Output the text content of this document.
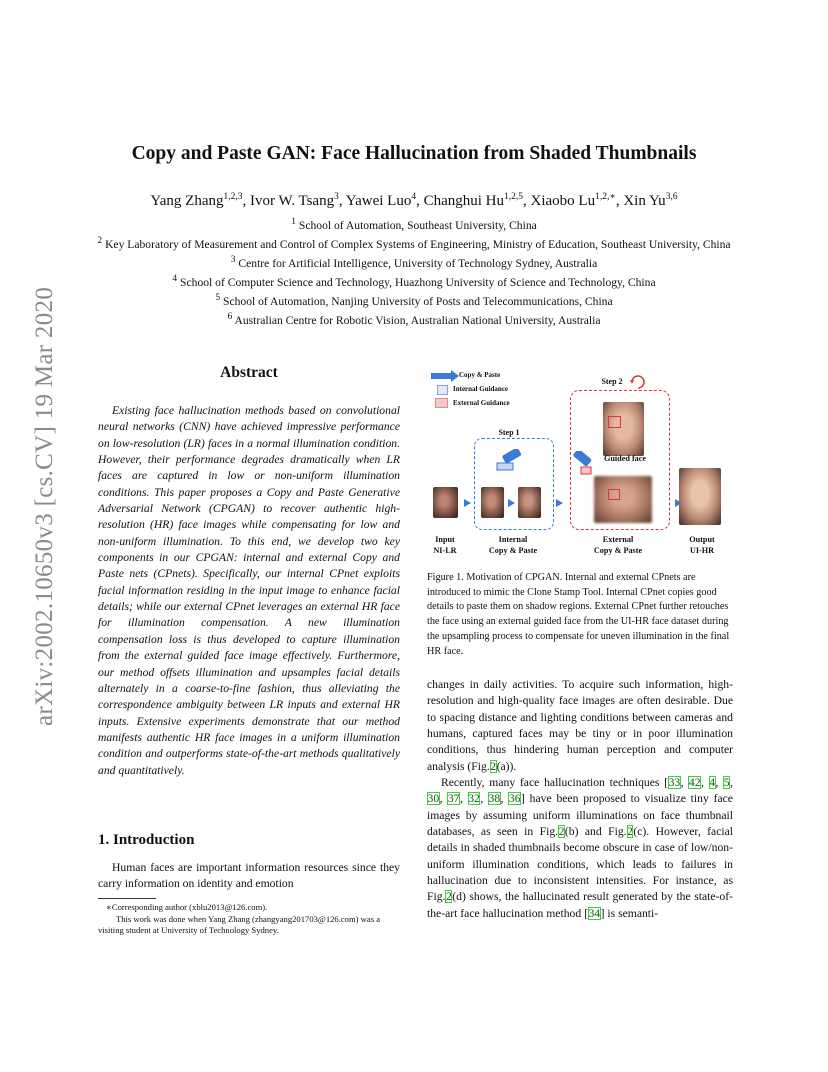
arXiv:2002.10650v3 [cs.CV] 19 Mar 2020
Copy and Paste GAN: Face Hallucination from Shaded Thumbnails
Yang Zhang$^{1,2,3}$, Ivor W. Tsang$^3$, Yawei Luo$^4$, Changhui Hu$^{1,2,5}$, Xiaobo $Lu^{1,2,∗}$, Xin Yu$^{3,6}$
$^1$ School of Automation, Southeast University, China
$^2$ Key Laboratory of Measurement and Control of Complex Systems of Engineering, Ministry of Education, Southeast University, China
$^3$ Centre for Artificial Intelligence, University of Technology Sydney, Australia
$^4$ School of Computer Science and Technology, Huazhong University of Science and Technology, China
$^5$ School of Automation, Nanjing University of Posts and Telecommunications, China
$^6$ Australian Centre for Robotic Vision, Australian National University, Australia
Abstract
Existing face hallucination methods based on convolutional neural networks (CNN) have achieved impressive performance on low-resolution (LR) faces in a normal illumination condition. However, their performance degrades dramatically when LR faces are captured in low or non-uniform illumination conditions. This paper proposes a Copy and Paste Generative Adversarial Network (CPGAN) to recover authentic high-resolution (HR) face images while compensating for low and non-uniform illumination. To this end, we develop two key components in our CPGAN: internal and external Copy and Paste nets (CPnets). Specifically, our internal CPnet exploits facial information residing in the input image to enhance facial details; while our external CPnet leverages an external HR face for illumination compensation. A new illumination compensation loss is thus developed to capture illumination from the external guided face image effectively. Furthermore, our method offsets illumination and upsamples facial details alternately in a coarse-to-fine fashion, thus alleviating the correspondence ambiguity between LR inputs and external HR inputs. Extensive experiments demonstrate that our method manifests authentic HR face images in a uniform illumination condition and outperforms state-of-the-art methods qualitatively and quantitatively.
1. Introduction
Human faces are important information resources since they carry information on identity and emotion
∗Corresponding author (xblu2013@126.com).
This work was done when Yang Zhang (zhangyang201703@126.com) was a visiting student at University of Technology Sydney.
Copy & Paste
Internal Guidance
External Guidance
Step 1
Step 2
Guided face
Input
NI-LR
Internal
Copy & Paste
External
Copy & Paste
Output
UI-HR
Figure 1. Motivation of CPGAN. Internal and external CPnets are introduced to mimic the Clone Stamp Tool. Internal CPnet copies good details to paste them on shadow regions. External CPnet further retouches the face using an external guided face from the UI-HR face dataset during the upsampling process to compensate for uneven illumination in the final HR face.
changes in daily activities. To acquire such information, high-resolution and high-quality face images are often desirable. Due to spacing distance and lighting conditions between cameras and humans, captured faces may be tiny or in poor illumination conditions, thus hindering human perception and computer analysis (Fig.2(a)).
Recently, many face hallucination techniques [33, 42, 4, 5, 30, 37, 32, 38, 36] have been proposed to visualize tiny face images by assuming uniform illuminations on face thumbnail databases, as seen in Fig.2(b) and Fig.2(c). However, facial details in shaded thumbnails become obscure in case of low/non-uniform illumination conditions, which leads to failures in hallucination due to inconsistent intensities. For instance, as Fig.2(d) shows, the hallucinated result generated by the state-of-the-art face hallucination method [34] is semanti-
